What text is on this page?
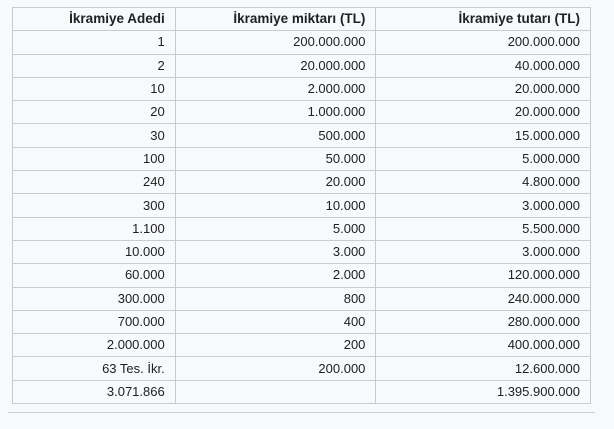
İkramiye Adedi	İkramiye miktarı (TL)	İkramiye tutarı (TL)
1	200.000.000	200.000.000
2	20.000.000	40.000.000
10	2.000.000	20.000.000
20	1.000.000	20.000.000
30	500.000	15.000.000
100	50.000	5.000.000
240	20.000	4.800.000
300	10.000	3.000.000
1.100	5.000	5.500.000
10.000	3.000	3.000.000
60.000	2.000	120.000.000
300.000	800	240.000.000
700.000	400	280.000.000
2.000.000	200	400.000.000
63 Tes. İkr.	200.000	12.600.000
3.071.866		1.395.900.000
